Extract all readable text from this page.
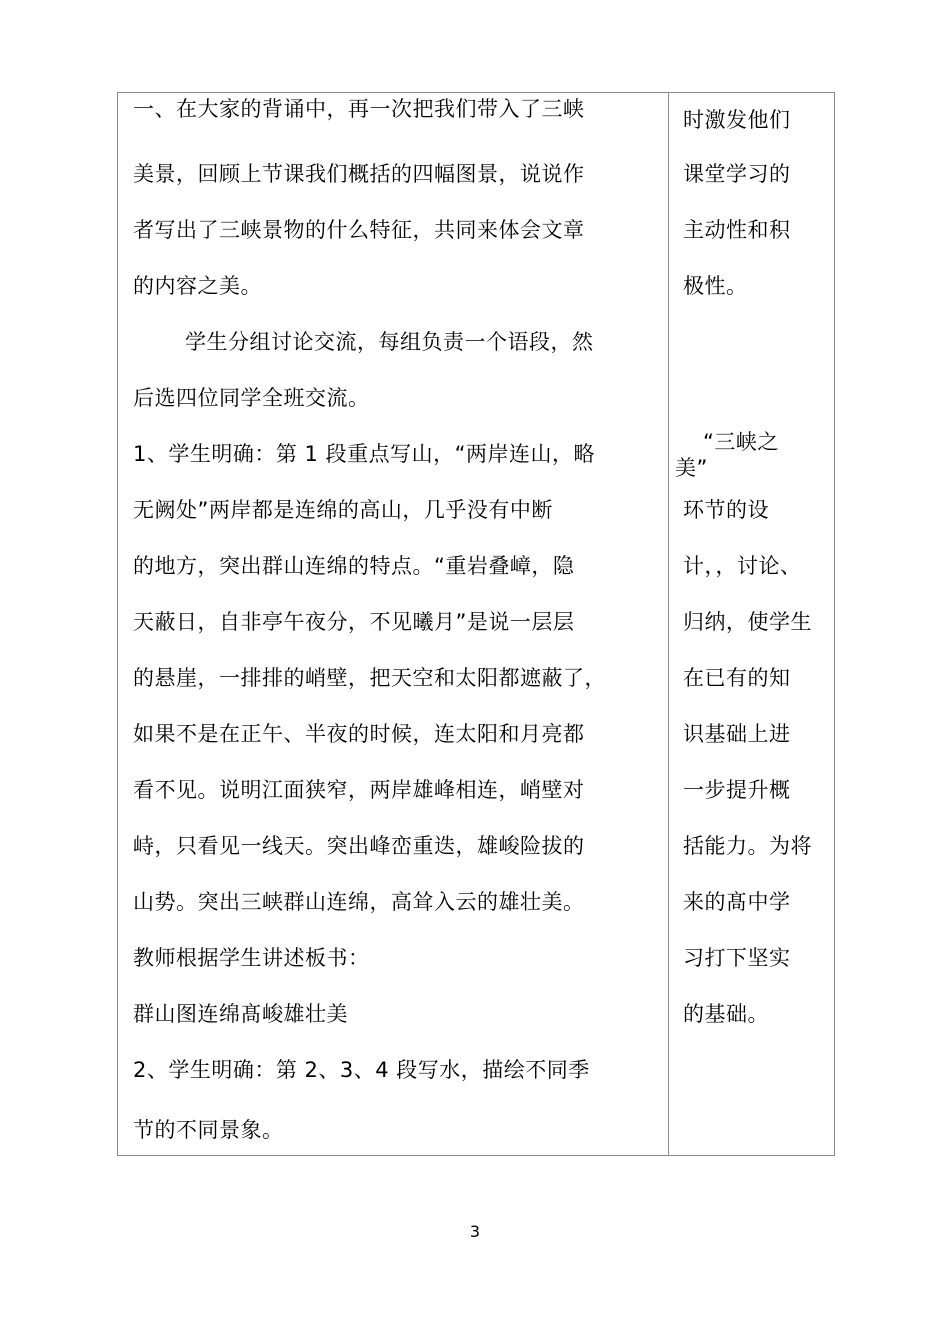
一、在大家的背诵中，再一次把我们带入了三峡
美景，回顾上节课我们概括的四幅图景，说说作
者写出了三峡景物的什么特征，共同来体会文章
的内容之美。
学生分组讨论交流，每组负责一个语段，然
后选四位同学全班交流。
1、学生明确：第 1 段重点写山，“两岸连山，略
无阙处”两岸都是连绵的高山，几乎没有中断
的地方，突出群山连绵的特点。“重岩叠嶂，隐
天蔽日，自非亭午夜分，不见曦月”是说一层层
的悬崖，一排排的峭壁，把天空和太阳都遮蔽了，
如果不是在正午、半夜的时候，连太阳和月亮都
看不见。说明江面狭窄，两岸雄峰相连，峭壁对
峙，只看见一线天。突出峰峦重迭，雄峻险拔的
山势。突出三峡群山连绵，高耸入云的雄壮美。
教师根据学生讲述板书：
群山图连绵髙峻雄壮美
2、学生明确：第 2、3、4 段写水，描绘不同季
节的不同景象。
时激发他们
课堂学习的
主动性和积
极性。
“三峡之
美”
环节的设
计，，讨论、
归纳，使学生
在已有的知
识基础上进
一步提升概
括能力。为将
来的髙中学
习打下坚实
的基础。
3
